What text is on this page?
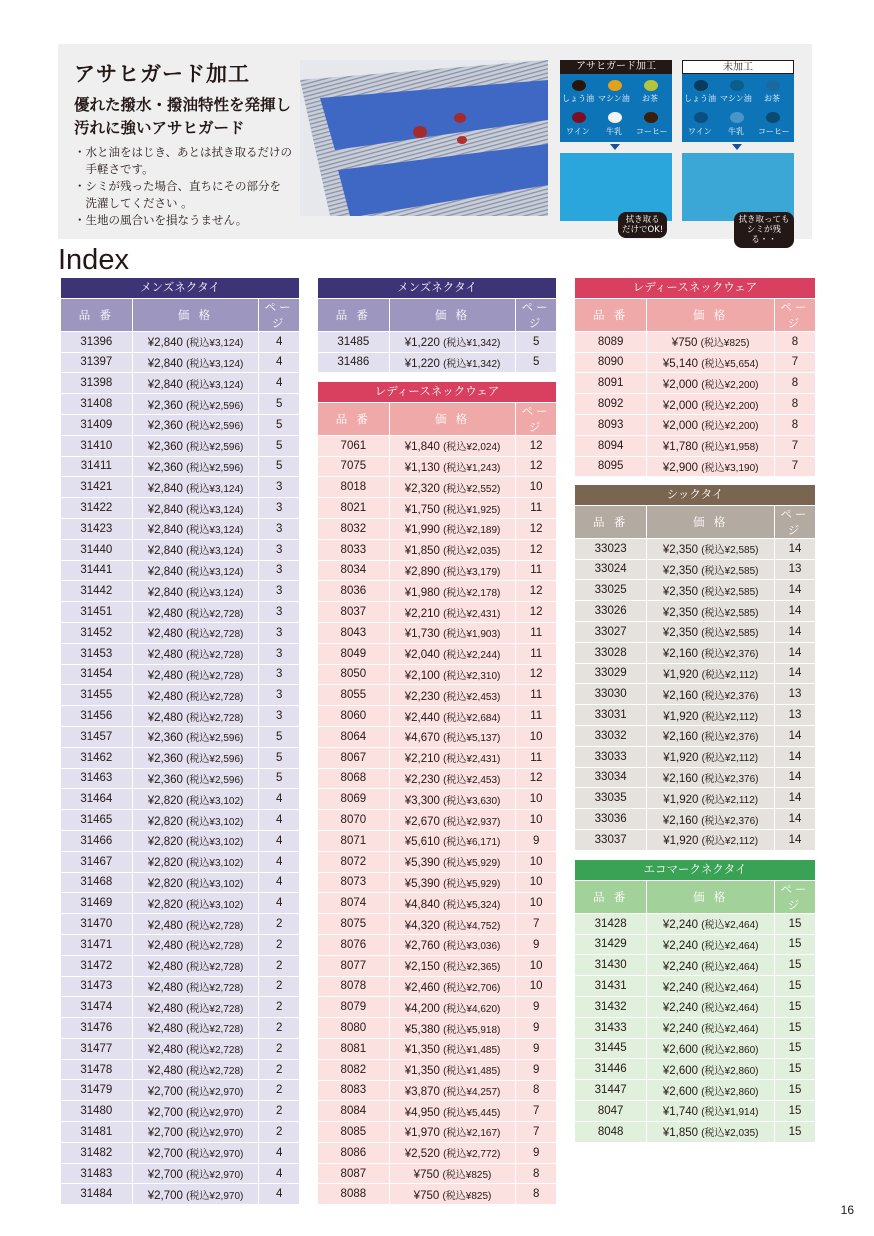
アサヒガード加工
優れた撥水・撥油特性を発揮し
汚れに強いアサヒガード
・水と油をはじき、あとは拭き取るだけの
　手軽さです。
・シミが残った場合、直ちにその部分を
　洗濯してください 。
・生地の風合いを損なうません。
アサヒガード加工
しょう油 マシン油 お茶
ワイン 牛乳 コーヒー
拭き取る
だけでOK!
未加工
しょう油 マシン油 お茶
ワイン 牛乳 コーヒー
拭き取っても
シミが残る・・
Index
メンズネクタイ		
品 番	価 格	ページ
31396	¥2,840 (税込¥3,124)	4
31397	¥2,840 (税込¥3,124)	4
31398	¥2,840 (税込¥3,124)	4
31408	¥2,360 (税込¥2,596)	5
31409	¥2,360 (税込¥2,596)	5
31410	¥2,360 (税込¥2,596)	5
31411	¥2,360 (税込¥2,596)	5
31421	¥2,840 (税込¥3,124)	3
31422	¥2,840 (税込¥3,124)	3
31423	¥2,840 (税込¥3,124)	3
31440	¥2,840 (税込¥3,124)	3
31441	¥2,840 (税込¥3,124)	3
31442	¥2,840 (税込¥3,124)	3
31451	¥2,480 (税込¥2,728)	3
31452	¥2,480 (税込¥2,728)	3
31453	¥2,480 (税込¥2,728)	3
31454	¥2,480 (税込¥2,728)	3
31455	¥2,480 (税込¥2,728)	3
31456	¥2,480 (税込¥2,728)	3
31457	¥2,360 (税込¥2,596)	5
31462	¥2,360 (税込¥2,596)	5
31463	¥2,360 (税込¥2,596)	5
31464	¥2,820 (税込¥3,102)	4
31465	¥2,820 (税込¥3,102)	4
31466	¥2,820 (税込¥3,102)	4
31467	¥2,820 (税込¥3,102)	4
31468	¥2,820 (税込¥3,102)	4
31469	¥2,820 (税込¥3,102)	4
31470	¥2,480 (税込¥2,728)	2
31471	¥2,480 (税込¥2,728)	2
31472	¥2,480 (税込¥2,728)	2
31473	¥2,480 (税込¥2,728)	2
31474	¥2,480 (税込¥2,728)	2
31476	¥2,480 (税込¥2,728)	2
31477	¥2,480 (税込¥2,728)	2
31478	¥2,480 (税込¥2,728)	2
31479	¥2,700 (税込¥2,970)	2
31480	¥2,700 (税込¥2,970)	2
31481	¥2,700 (税込¥2,970)	2
31482	¥2,700 (税込¥2,970)	4
31483	¥2,700 (税込¥2,970)	4
31484	¥2,700 (税込¥2,970)	4
メンズネクタイ		
品 番	価 格	ページ
31485	¥1,220 (税込¥1,342)	5
31486	¥1,220 (税込¥1,342)	5
レディースネックウェア		
品 番	価 格	ページ
7061	¥1,840 (税込¥2,024)	12
7075	¥1,130 (税込¥1,243)	12
8018	¥2,320 (税込¥2,552)	10
8021	¥1,750 (税込¥1,925)	11
8032	¥1,990 (税込¥2,189)	12
8033	¥1,850 (税込¥2,035)	12
8034	¥2,890 (税込¥3,179)	11
8036	¥1,980 (税込¥2,178)	12
8037	¥2,210 (税込¥2,431)	12
8043	¥1,730 (税込¥1,903)	11
8049	¥2,040 (税込¥2,244)	11
8050	¥2,100 (税込¥2,310)	12
8055	¥2,230 (税込¥2,453)	11
8060	¥2,440 (税込¥2,684)	11
8064	¥4,670 (税込¥5,137)	10
8067	¥2,210 (税込¥2,431)	11
8068	¥2,230 (税込¥2,453)	12
8069	¥3,300 (税込¥3,630)	10
8070	¥2,670 (税込¥2,937)	10
8071	¥5,610 (税込¥6,171)	9
8072	¥5,390 (税込¥5,929)	10
8073	¥5,390 (税込¥5,929)	10
8074	¥4,840 (税込¥5,324)	10
8075	¥4,320 (税込¥4,752)	7
8076	¥2,760 (税込¥3,036)	9
8077	¥2,150 (税込¥2,365)	10
8078	¥2,460 (税込¥2,706)	10
8079	¥4,200 (税込¥4,620)	9
8080	¥5,380 (税込¥5,918)	9
8081	¥1,350 (税込¥1,485)	9
8082	¥1,350 (税込¥1,485)	9
8083	¥3,870 (税込¥4,257)	8
8084	¥4,950 (税込¥5,445)	7
8085	¥1,970 (税込¥2,167)	7
8086	¥2,520 (税込¥2,772)	9
8087	¥750 (税込¥825)	8
8088	¥750 (税込¥825)	8
レディースネックウェア		
品 番	価 格	ページ
8089	¥750 (税込¥825)	8
8090	¥5,140 (税込¥5,654)	7
8091	¥2,000 (税込¥2,200)	8
8092	¥2,000 (税込¥2,200)	8
8093	¥2,000 (税込¥2,200)	8
8094	¥1,780 (税込¥1,958)	7
8095	¥2,900 (税込¥3,190)	7
シックタイ		
品 番	価 格	ページ
33023	¥2,350 (税込¥2,585)	14
33024	¥2,350 (税込¥2,585)	13
33025	¥2,350 (税込¥2,585)	14
33026	¥2,350 (税込¥2,585)	14
33027	¥2,350 (税込¥2,585)	14
33028	¥2,160 (税込¥2,376)	14
33029	¥1,920 (税込¥2,112)	14
33030	¥2,160 (税込¥2,376)	13
33031	¥1,920 (税込¥2,112)	13
33032	¥2,160 (税込¥2,376)	14
33033	¥1,920 (税込¥2,112)	14
33034	¥2,160 (税込¥2,376)	14
33035	¥1,920 (税込¥2,112)	14
33036	¥2,160 (税込¥2,376)	14
33037	¥1,920 (税込¥2,112)	14
エコマークネクタイ		
品 番	価 格	ページ
31428	¥2,240 (税込¥2,464)	15
31429	¥2,240 (税込¥2,464)	15
31430	¥2,240 (税込¥2,464)	15
31431	¥2,240 (税込¥2,464)	15
31432	¥2,240 (税込¥2,464)	15
31433	¥2,240 (税込¥2,464)	15
31445	¥2,600 (税込¥2,860)	15
31446	¥2,600 (税込¥2,860)	15
31447	¥2,600 (税込¥2,860)	15
8047	¥1,740 (税込¥1,914)	15
8048	¥1,850 (税込¥2,035)	15
16
